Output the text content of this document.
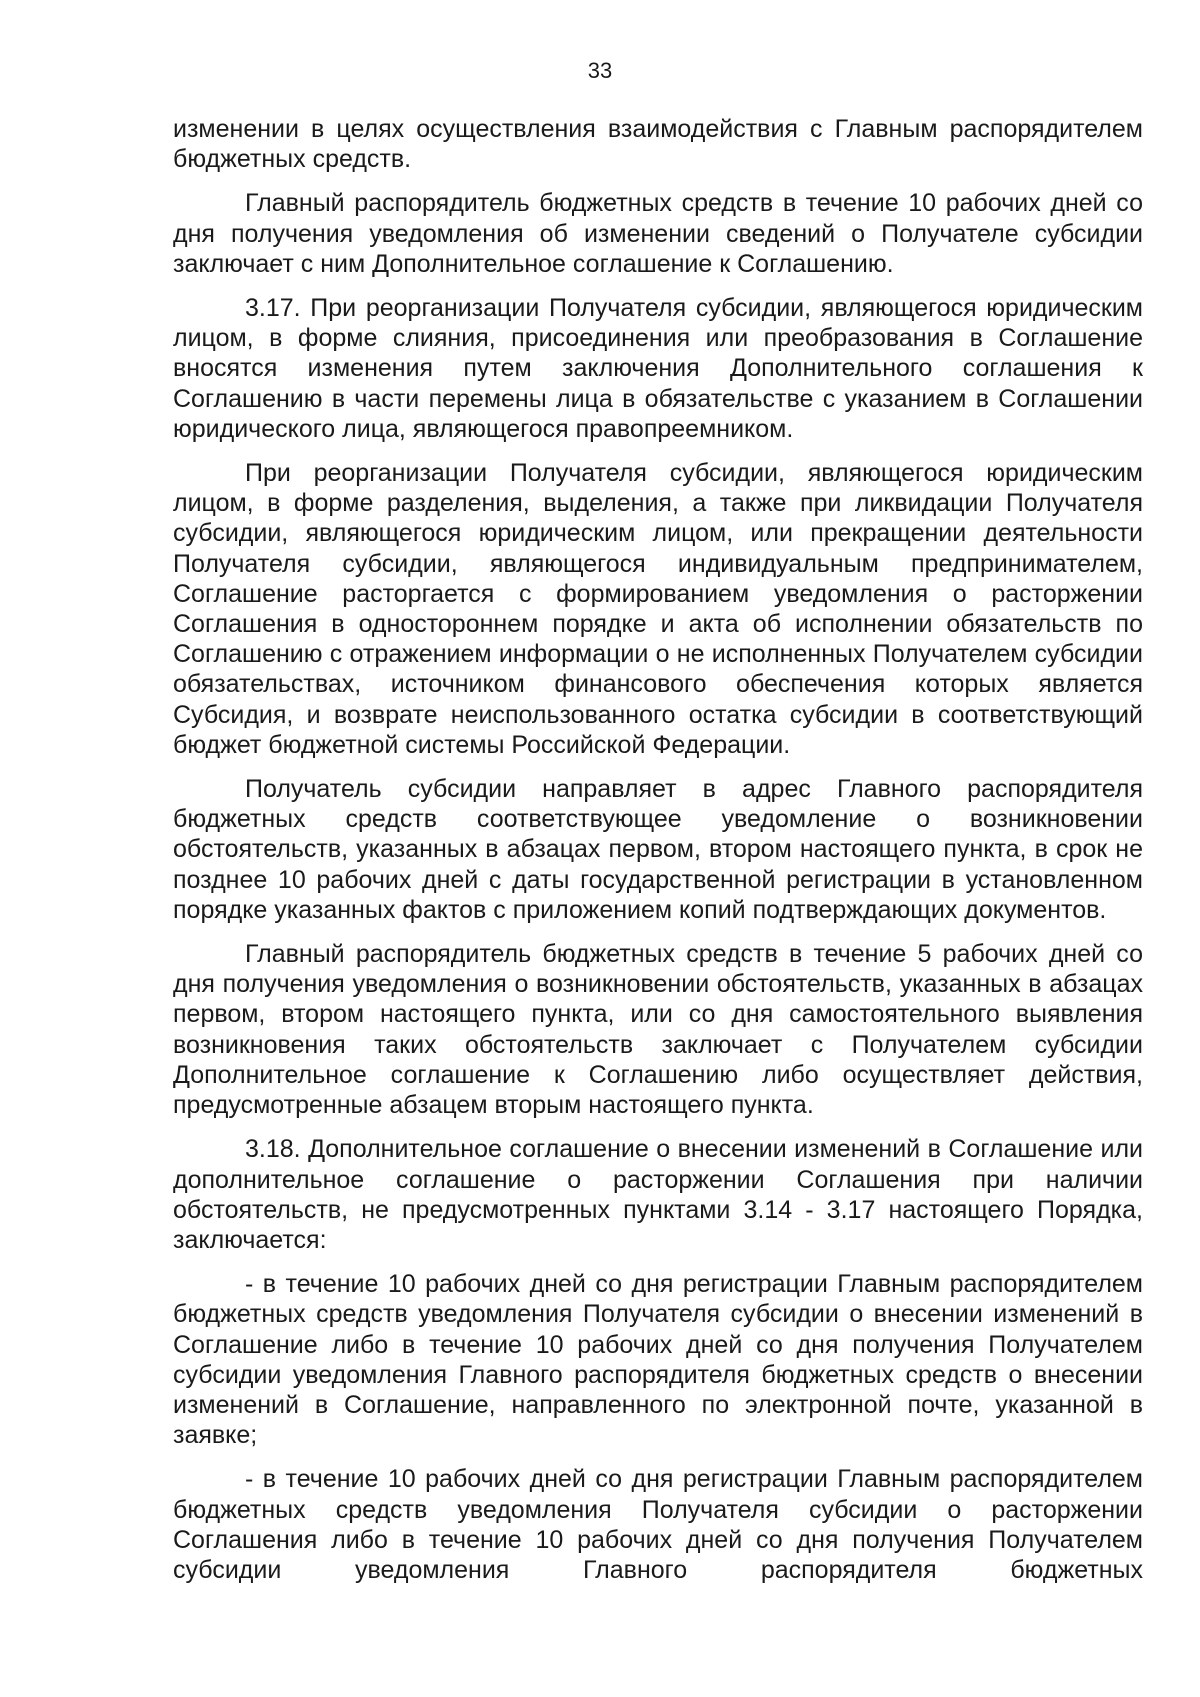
33

изменении в целях осуществления взаимодействия с Главным распорядителем бюджетных средств.

Главный распорядитель бюджетных средств в течение 10 рабочих дней со дня получения уведомления об изменении сведений о Получателе субсидии заключает с ним Дополнительное соглашение к Соглашению.

3.17. При реорганизации Получателя субсидии, являющегося юридическим лицом, в форме слияния, присоединения или преобразования в Соглашение вносятся изменения путем заключения Дополнительного соглашения к Соглашению в части перемены лица в обязательстве с указанием в Соглашении юридического лица, являющегося правопреемником.

При реорганизации Получателя субсидии, являющегося юридическим лицом, в форме разделения, выделения, а также при ликвидации Получателя субсидии, являющегося юридическим лицом, или прекращении деятельности Получателя субсидии, являющегося индивидуальным предпринимателем, Соглашение расторгается с формированием уведомления о расторжении Соглашения в одностороннем порядке и акта об исполнении обязательств по Соглашению с отражением информации о не исполненных Получателем субсидии обязательствах, источником финансового обеспечения которых является Субсидия, и возврате неиспользованного остатка субсидии в соответствующий бюджет бюджетной системы Российской Федерации.

Получатель субсидии направляет в адрес Главного распорядителя бюджетных средств соответствующее уведомление о возникновении обстоятельств, указанных в абзацах первом, втором настоящего пункта, в срок не позднее 10 рабочих дней с даты государственной регистрации в установленном порядке указанных фактов с приложением копий подтверждающих документов.

Главный распорядитель бюджетных средств в течение 5 рабочих дней со дня получения уведомления о возникновении обстоятельств, указанных в абзацах первом, втором настоящего пункта, или со дня самостоятельного выявления возникновения таких обстоятельств заключает с Получателем субсидии Дополнительное соглашение к Соглашению либо осуществляет действия, предусмотренные абзацем вторым настоящего пункта.

3.18. Дополнительное соглашение о внесении изменений в Соглашение или дополнительное соглашение о расторжении Соглашения при наличии обстоятельств, не предусмотренных пунктами 3.14 - 3.17 настоящего Порядка, заключается:

- в течение 10 рабочих дней со дня регистрации Главным распорядителем бюджетных средств уведомления Получателя субсидии о внесении изменений в Соглашение либо в течение 10 рабочих дней со дня получения Получателем субсидии уведомления Главного распорядителя бюджетных средств о внесении изменений в Соглашение, направленного по электронной почте, указанной в заявке;

- в течение 10 рабочих дней со дня регистрации Главным распорядителем бюджетных средств уведомления Получателя субсидии о расторжении Соглашения либо в течение 10 рабочих дней со дня получения Получателем субсидии уведомления Главного распорядителя бюджетных
